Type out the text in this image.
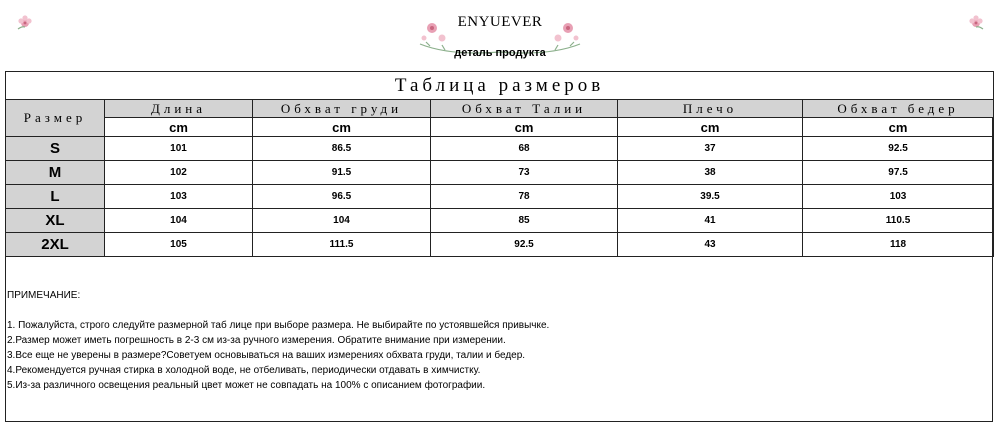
ENYUEVER
деталь продукта
Таблица размеров					
Размер	Длина	Обхват груди	Обхват Талии	Плечо	Обхват бедер
	cm	cm	cm	cm	cm
S	101	86.5	68	37	92.5
M	102	91.5	73	38	97.5
L	103	96.5	78	39.5	103
XL	104	104	85	41	110.5
2XL	105	111.5	92.5	43	118
ПРИМЕЧАНИЕ:
1. Пожалуйста, строго следуйте размерной таб лице при выборе размера. Не выбирайте по устоявшейся привычке.
2.Размер может иметь погрешность в 2-3 см из-за ручного измерения. Обратите внимание при измерении.
3.Все еще не уверены в размере?Советуем основываться на ваших измерениях обхвата груди, талии и бедер.
4.Рекомендуется ручная стирка в холодной воде, не отбеливать, периодически отдавать в химчистку.
5.Из-за различного освещения реальный цвет может не совпадать на 100% с описанием фотографии.
